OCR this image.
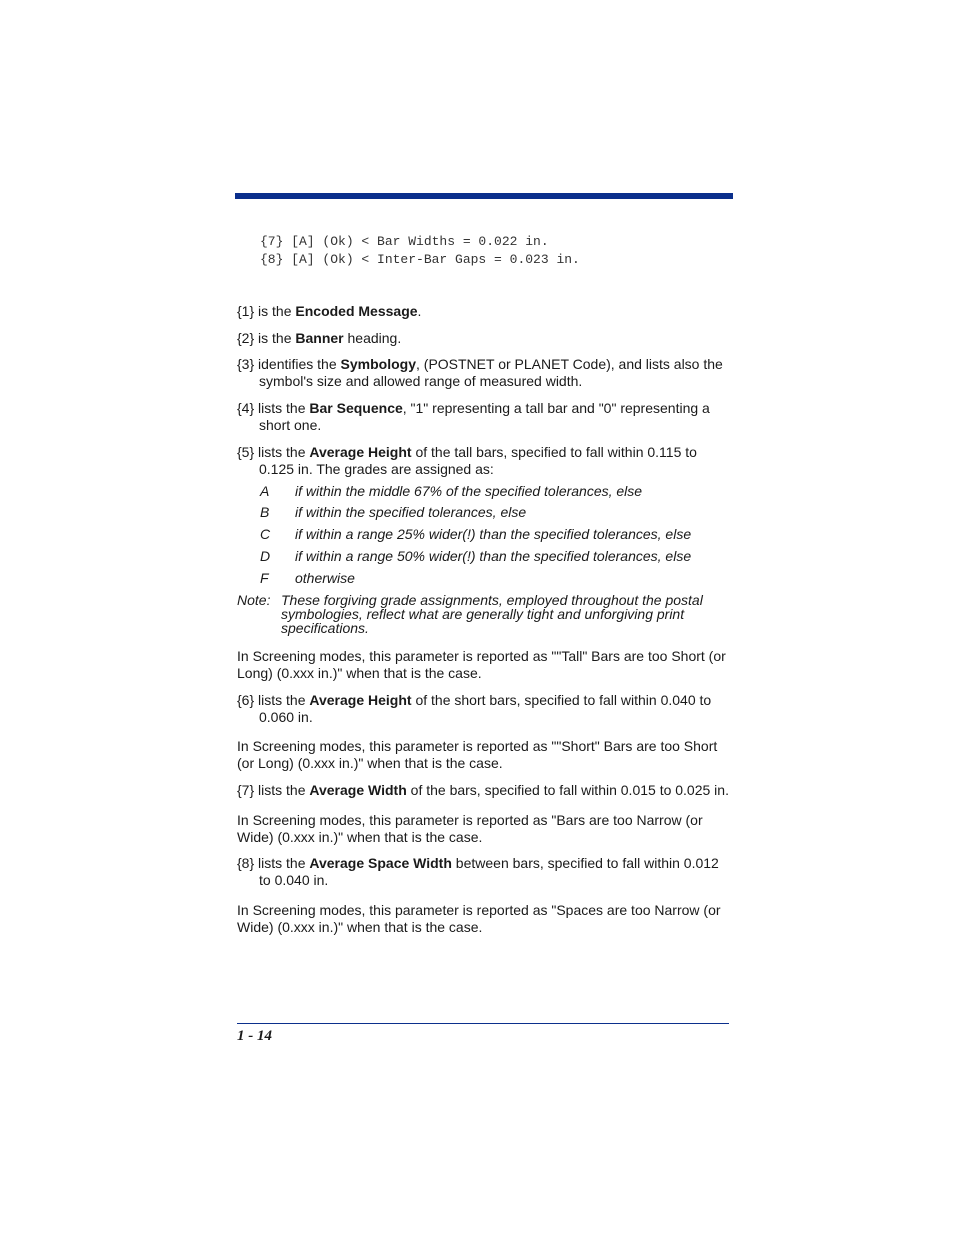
{7} [A] (Ok) < Bar Widths = 0.022 in.
{8} [A] (Ok) < Inter-Bar Gaps = 0.023 in.
{1} is the Encoded Message.
{2} is the Banner heading.
{3} identifies the Symbology, (POSTNET or PLANET Code), and lists also the symbol's size and allowed range of measured width.
{4} lists the Bar Sequence, "1" representing a tall bar and "0" representing a short one.
{5} lists the Average Height of the tall bars, specified to fall within 0.115 to 0.125 in. The grades are assigned as:
A if within the middle 67% of the specified tolerances, else
B if within the specified tolerances, else
C if within a range 25% wider(!) than the specified tolerances, else
D if within a range 50% wider(!) than the specified tolerances, else
F otherwise
Note: These forgiving grade assignments, employed throughout the postal symbologies, reflect what are generally tight and unforgiving print specifications.
In Screening modes, this parameter is reported as ""Tall" Bars are too Short (or Long) (0.xxx in.)" when that is the case.
{6} lists the Average Height of the short bars, specified to fall within 0.040 to 0.060 in.
In Screening modes, this parameter is reported as ""Short" Bars are too Short (or Long) (0.xxx in.)" when that is the case.
{7} lists the Average Width of the bars, specified to fall within 0.015 to 0.025 in.
In Screening modes, this parameter is reported as "Bars are too Narrow (or Wide) (0.xxx in.)" when that is the case.
{8} lists the Average Space Width between bars, specified to fall within 0.012 to 0.040 in.
In Screening modes, this parameter is reported as "Spaces are too Narrow (or Wide) (0.xxx in.)" when that is the case.
1 - 14
